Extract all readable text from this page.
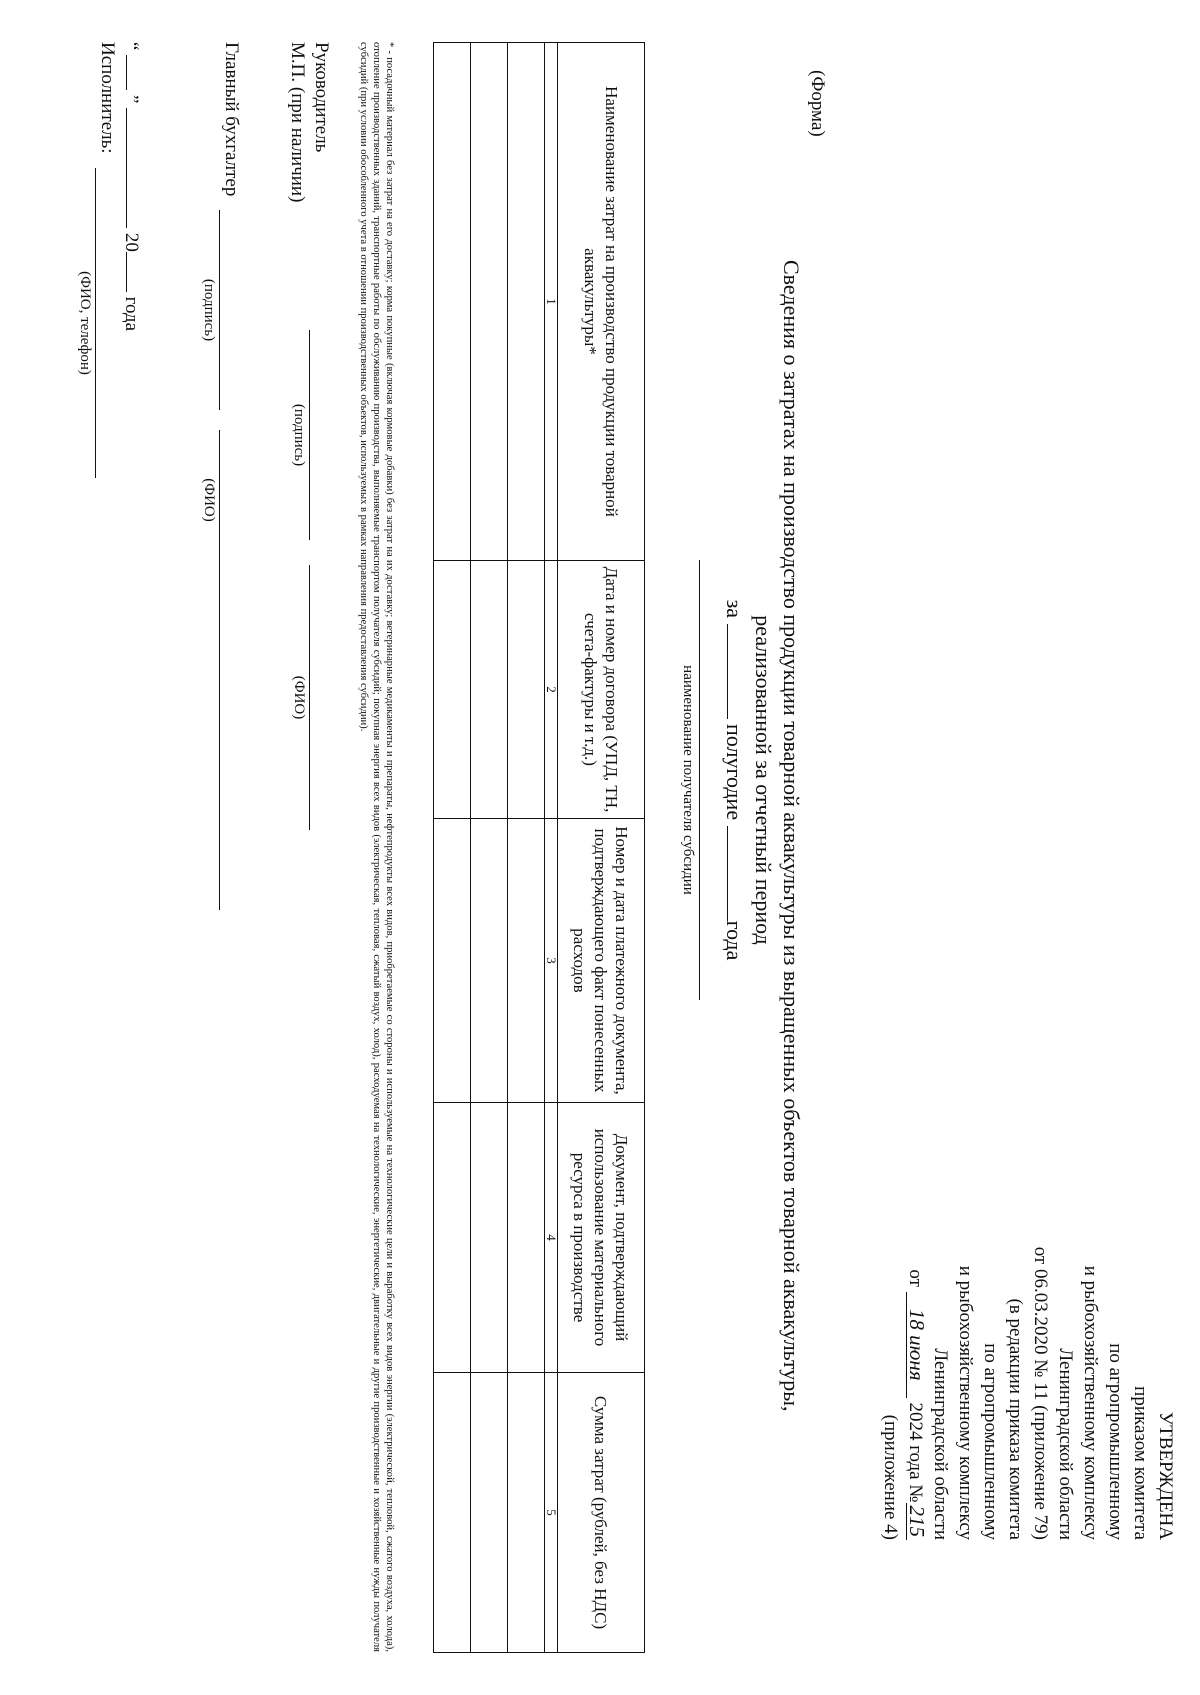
УТВЕРЖДЕНА
приказом комитета
по агропромышленному
и рыбохозяйственному комплексу
Ленинградской области
от 06.03.2020 № 11 (приложение 79)
(в редакции приказа комитета
по агропромышленному
и рыбохозяйственному комплексу
Ленинградской области
от 18 июня 2024 года №215
(приложение 4)
(Форма)
Сведения о затратах на производство продукции товарной аквакультуры из выращенных объектов товарной аквакультуры,
реализованной за отчетный период
за  полугодие года
наименование получателя субсидии
Наименование затрат на производство продукции товарной аквакультуры*	Дата и номер договора (УПД, ТН, счета-фактуры и т.д.)	Номер и дата платежного документа, подтверждающего факт понесенных расходов	Документ, подтверждающий использование материального ресурса в производстве	Сумма затрат (рублей, без НДС)
1	2	3	4	5

* - посадочный материал без затрат на его доставку; корма покупные (включая кормовые добавки) без затрат на их доставку; ветеринарные медикаменты и препараты, нефтепродукты всех видов, приобретаемые со стороны и используемые на технологические цели и выработку всех видов энергии (электрической, тепловой, сжатого воздуха, холода), отопление производственных зданий, транспортные работы по обслуживанию производства, выполняемые транспортом получателя субсидий; покупная энергия всех видов (электрическая, тепловая, сжатый воздух, холод), расходуемая на технологические, энергетические, двигательные и другие производственные и хозяйственные нужды получателя субсидий (при условии обособленного учета в отношении производственных объектов, используемых в рамках направления предоставления субсидии).
Руководитель
М.П. (при наличии)
(подпись)
(ФИО)
Главный бухгалтер
(подпись)
(ФИО)
“  ”  20 года
Исполнитель:
(ФИО, телефон)
